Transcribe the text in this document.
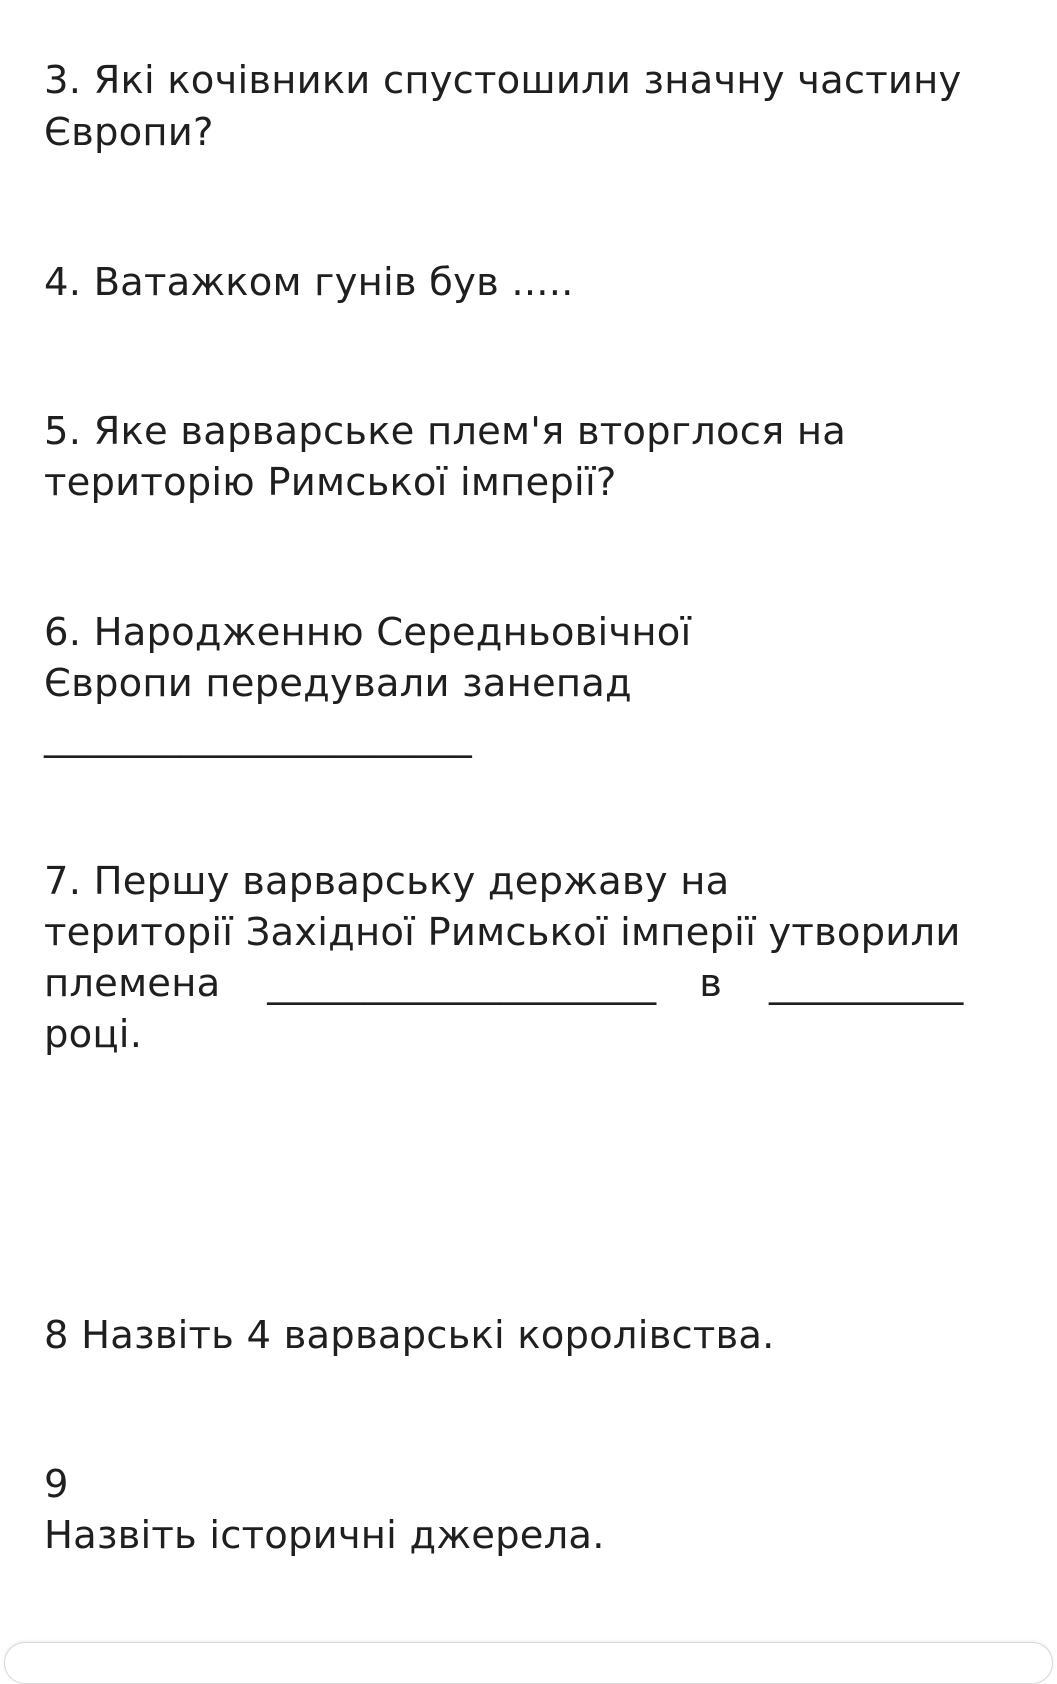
3. Які кочівники спустошили значну частину

Європи?

4. Ватажком гунів був .....

5. Яке варварське плем'я вторглося на

територію Римської імперії?

6. Народженню Середньовічної

Європи передували занепад

______________________

7. Першу варварську державу на

території Західної Римської імперії утворили

племена ____________________ в __________

році.

8 Назвіть 4 варварські королівства.

9

Назвіть історичні джерела.
